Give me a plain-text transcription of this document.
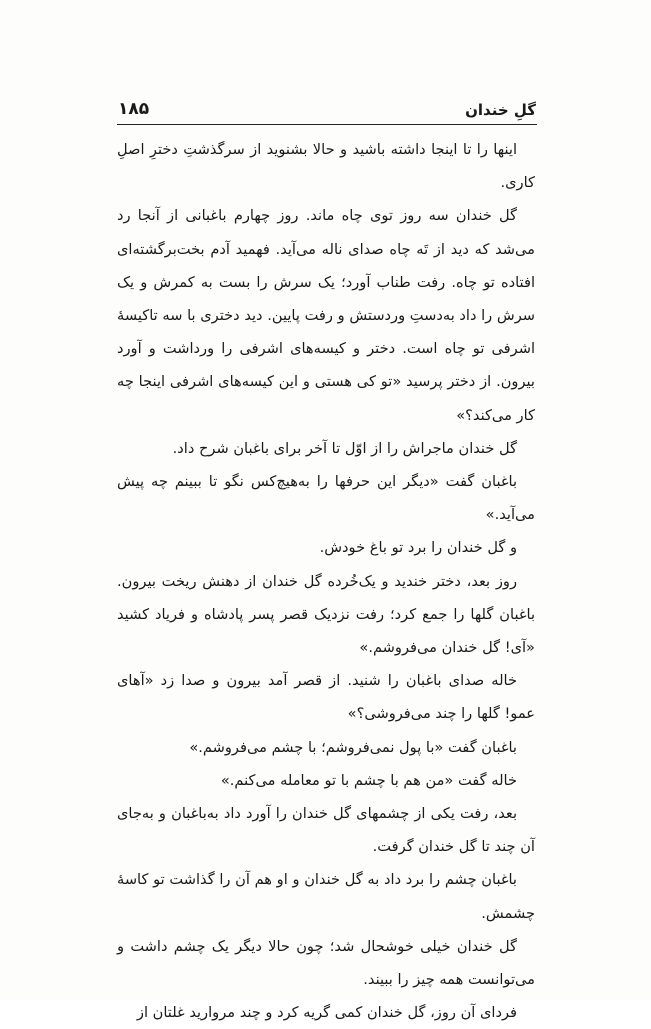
گلِ خندان
۱۸۵

اینها را تا اینجا داشته باشید و حالا بشنوید از سرگذشتِ دخترِ اصلِ کاری.

گل خندان سه روز توی چاه ماند. روز چهارم باغبانی از آنجا رد می‌شد که دید از تَه چاه صدای ناله می‌آید. فهمید آدم بخت‌برگشته‌ای افتاده تو چاه. رفت طناب آورد؛ یک سرش را بست به کمرش و یک سرش را داد به‌دستِ وردستش و رفت پایین. دید دختری با سه تاکیسهٔ اشرفی تو چاه است. دختر و کیسه‌های اشرفی را ورداشت و آورد بیرون. از دختر پرسید «تو کی هستی و این کیسه‌های اشرفی اینجا چه کار می‌کند؟»

گل خندان ماجراش را از اوّل تا آخر برای باغبان شرح داد.

باغبان گفت «دیگر این حرفها را به‌هیچ‌کس نگو تا ببینم چه پیش می‌آید.»

و گل خندان را برد تو باغ خودش.

روز بعد، دختر خندید و یک‌خُرده گل خندان از دهنش ریخت بیرون. باغبان گلها را جمع کرد؛ رفت نزدیک قصر پسر پادشاه و فریاد کشید «آی! گل خندان می‌فروشم.»

خاله صدای باغبان را شنید. از قصر آمد بیرون و صدا زد «آهای عمو! گلها را چند می‌فروشی؟»

باغبان گفت «با پول نمی‌فروشم؛ با چشم می‌فروشم.»

خاله گفت «من هم با چشم با تو معامله می‌کنم.»

بعد، رفت یکی از چشمهای گل خندان را آورد داد به‌باغبان و به‌جای آن چند تا گل خندان گرفت.

باغبان چشم را برد داد به گل خندان و او هم آن را گذاشت تو کاسهٔ چشمش.

گل خندان خیلی خوشحال شد؛ چون حالا دیگر یک چشم داشت و می‌توانست همه چیز را ببیند.

فردای آن روز، گل خندان کمی گریه کرد و چند مروارید غلتان از
